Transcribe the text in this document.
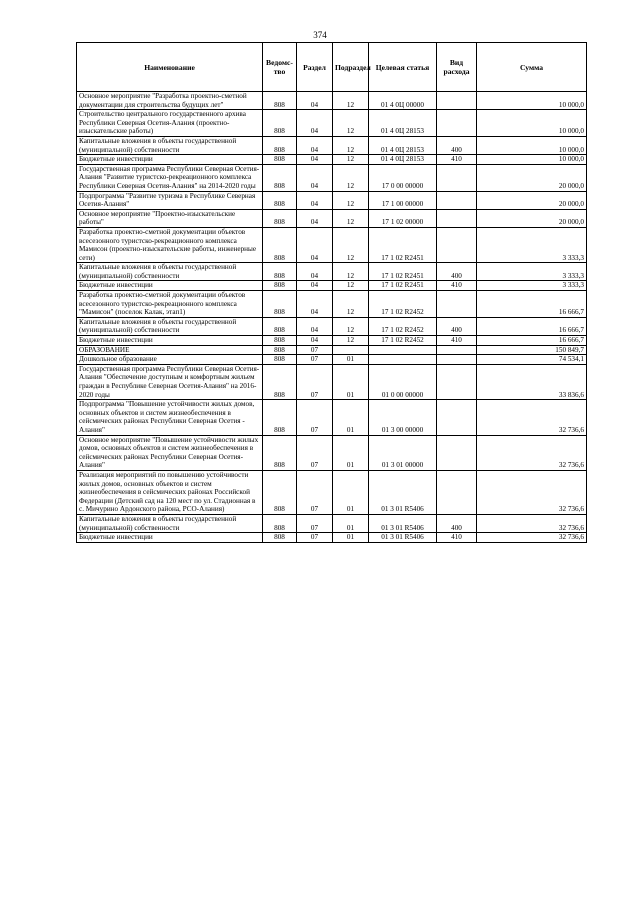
374
Наименование	Ведомс-тво	Раздел	Подраздел	Целевая статья	Вид расхода	Сумма
Основное мероприятие "Разработка проектно-сметной документации для строительства будущих лет"	808	04	12	01 4 0Ц 00000		10 000,0
Строительство центрального государственного архива Республики Северная Осетия-Алания (проектно-изыскательские работы)	808	04	12	01 4 0Ц 28153		10 000,0
Капитальные вложения в объекты государственной (муниципальной) собственности	808	04	12	01 4 0Ц 28153	400	10 000,0
Бюджетные инвестиции	808	04	12	01 4 0Ц 28153	410	10 000,0
Государственная программа Республики Северная Осетия-Алания "Развитие туристско-рекреационного комплекса Республики Северная Осетия-Алания" на 2014-2020 годы	808	04	12	17 0 00 00000		20 000,0
Подпрограмма "Развитие туризма в Республике Северная Осетия-Алания"	808	04	12	17 1 00 00000		20 000,0
Основное мероприятие "Проектно-изыскательские работы"	808	04	12	17 1 02 00000		20 000,0
Разработка проектно-сметной документации объектов всесезонного туристско-рекреационного комплекса Мамисон (проектно-изыскательские работы, инженерные сети)	808	04	12	17 1 02 R2451		3 333,3
Капитальные вложения в объекты государственной (муниципальной) собственности	808	04	12	17 1 02 R2451	400	3 333,3
Бюджетные инвестиции	808	04	12	17 1 02 R2451	410	3 333,3
Разработка проектно-сметной документации объектов всесезонного туристско-рекреационного комплекса "Мамисон" (поселок Калак, этап1)	808	04	12	17 1 02 R2452		16 666,7
Капитальные вложения в объекты государственной (муниципальной) собственности	808	04	12	17 1 02 R2452	400	16 666,7
Бюджетные инвестиции	808	04	12	17 1 02 R2452	410	16 666,7
ОБРАЗОВАНИЕ	808	07				150 849,7
Дошкольное образование	808	07	01			74 534,1
Государственная программа Республики Северная Осетия-Алания "Обеспечение доступным и комфортным жильем граждан в Республике Северная Осетия-Алания" на 2016-2020 годы	808	07	01	01 0 00 00000		33 836,6
Подпрограмма "Повышение устойчивости жилых домов, основных объектов и систем жизнеобеспечения в сейсмических районах Республики Северная Осетия - Алания"	808	07	01	01 3 00 00000		32 736,6
Основное мероприятие "Повышение устойчивости жилых домов, основных объектов и систем жизнеобеспечения в сейсмических районах Республики Северная Осетия-Алания"	808	07	01	01 3 01 00000		32 736,6
Реализация мероприятий по повышению устойчивости жилых домов, основных объектов и систем жизнеобеспечения в сейсмических районах Российской Федерации (Детский сад на 120 мест по ул. Стадионная в с. Мичурино Ардонского района, РСО-Алания)	808	07	01	01 3 01 R5406		32 736,6
Капитальные вложения в объекты государственной (муниципальной) собственности	808	07	01	01 3 01 R5406	400	32 736,6
Бюджетные инвестиции	808	07	01	01 3 01 R5406	410	32 736,6
